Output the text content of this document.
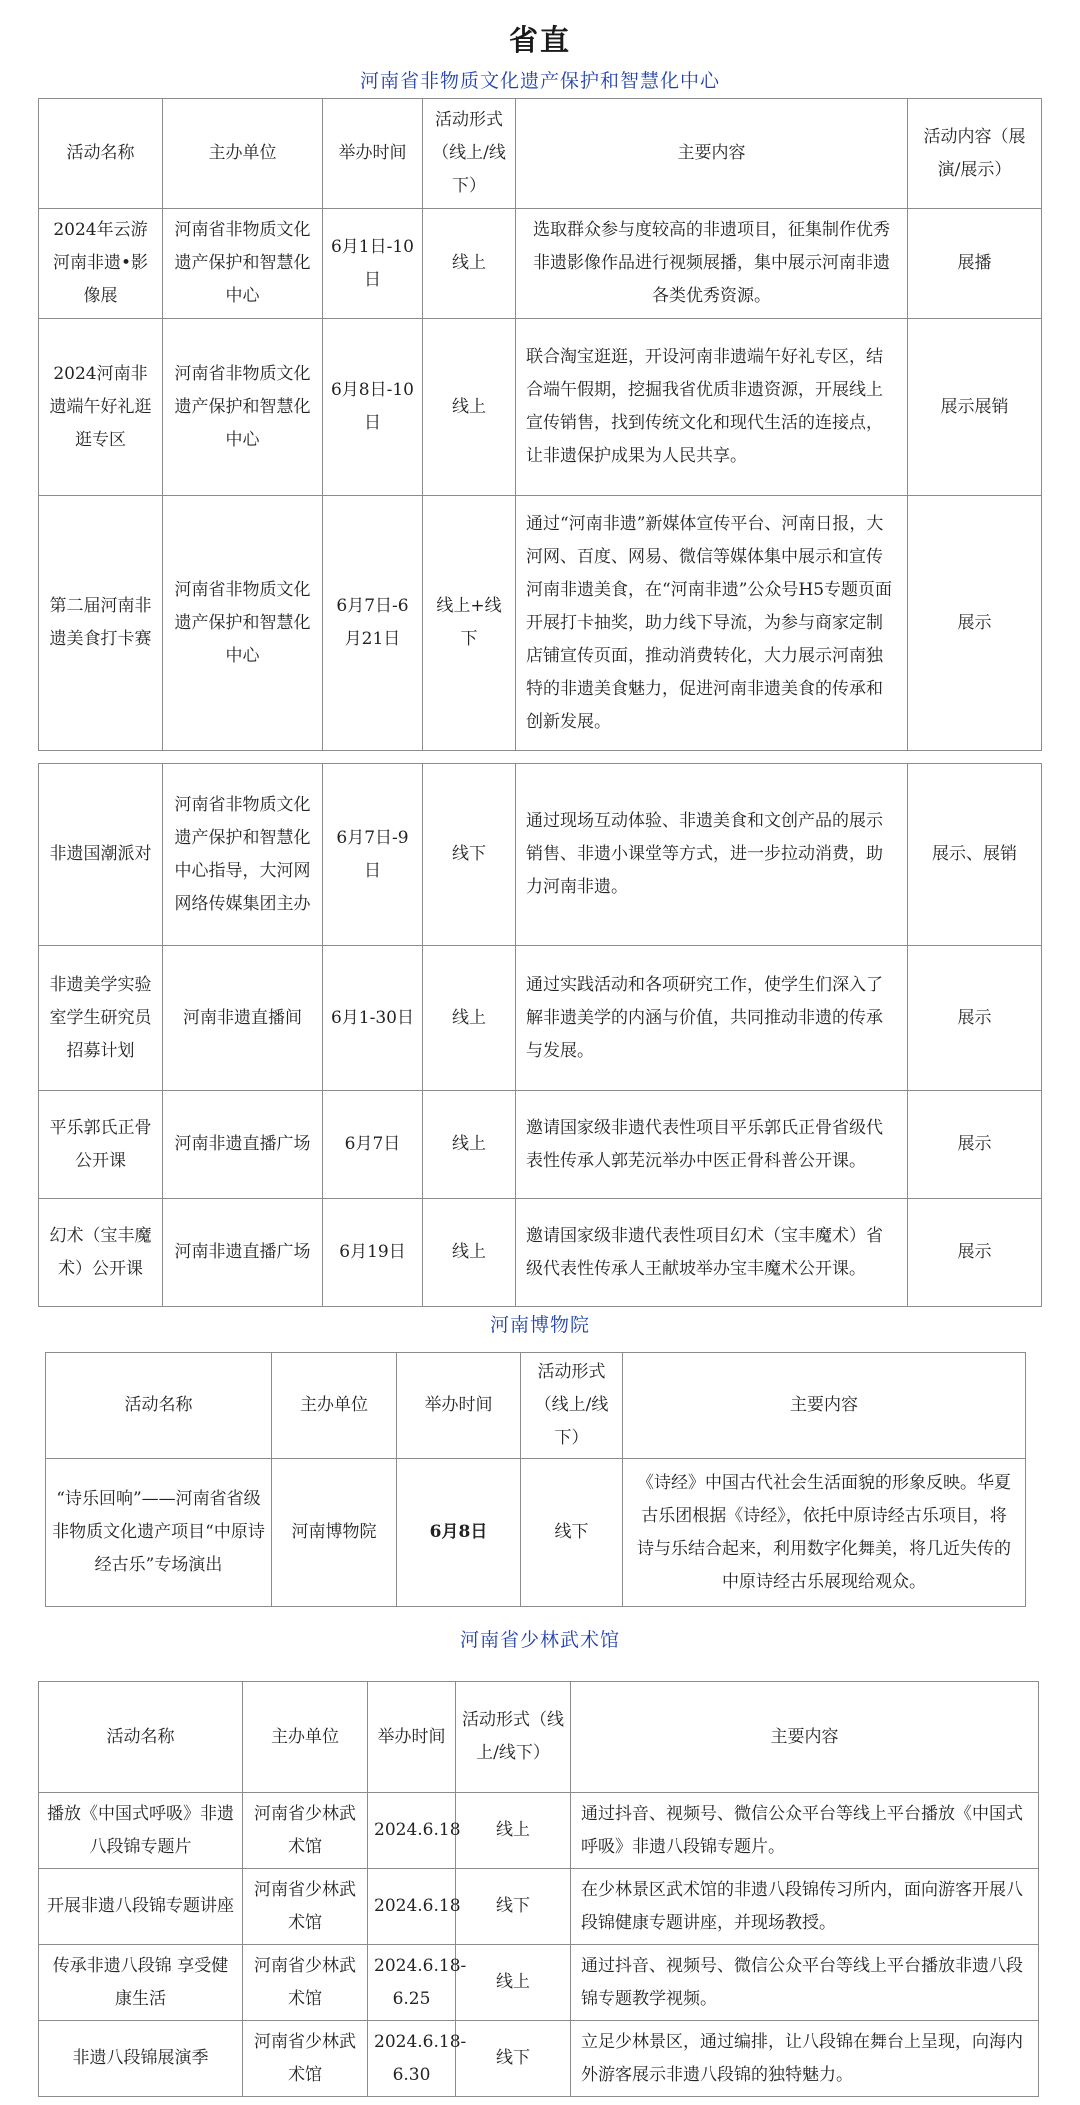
省直
河南省非物质文化遗产保护和智慧化中心
活动名称	主办单位	举办时间	活动形式（线上/线下）	主要内容	活动内容（展演/展示）
2024年云游河南非遗•影像展	河南省非物质文化遗产保护和智慧化中心	6月1日-10日	线上	选取群众参与度较高的非遗项目，征集制作优秀非遗影像作品进行视频展播，集中展示河南非遗各类优秀资源。	展播
2024河南非遗端午好礼逛逛专区	河南省非物质文化遗产保护和智慧化中心	6月8日-10日	线上	联合淘宝逛逛，开设河南非遗端午好礼专区，结合端午假期，挖掘我省优质非遗资源，开展线上宣传销售，找到传统文化和现代生活的连接点，让非遗保护成果为人民共享。	展示展销
第二届河南非遗美食打卡赛	河南省非物质文化遗产保护和智慧化中心	6月7日-6月21日	线上+线下	通过“河南非遗”新媒体宣传平台、河南日报，大河网、百度、网易、微信等媒体集中展示和宣传河南非遗美食，在“河南非遗”公众号H5专题页面开展打卡抽奖，助力线下导流，为参与商家定制店铺宣传页面，推动消费转化，大力展示河南独特的非遗美食魅力，促进河南非遗美食的传承和创新发展。	展示

非遗国潮派对	河南省非物质文化遗产保护和智慧化中心指导，大河网网络传媒集团主办	6月7日-9日	线下	通过现场互动体验、非遗美食和文创产品的展示销售、非遗小课堂等方式，进一步拉动消费，助力河南非遗。	展示、展销
非遗美学实验室学生研究员招募计划	河南非遗直播间	6月1-30日	线上	通过实践活动和各项研究工作，使学生们深入了解非遗美学的内涵与价值，共同推动非遗的传承与发展。	展示
平乐郭氏正骨公开课	河南非遗直播广场	6月7日	线上	邀请国家级非遗代表性项目平乐郭氏正骨省级代表性传承人郭芜沅举办中医正骨科普公开课。	展示
幻术（宝丰魔术）公开课	河南非遗直播广场	6月19日	线上	邀请国家级非遗代表性项目幻术（宝丰魔术）省级代表性传承人王献坡举办宝丰魔术公开课。	展示
河南博物院
活动名称	主办单位	举办时间	活动形式（线上/线下）	主要内容
“诗乐回响”——河南省省级非物质文化遗产项目“中原诗经古乐”专场演出	河南博物院	6月8日	线下	《诗经》中国古代社会生活面貌的形象反映。华夏古乐团根据《诗经》，依托中原诗经古乐项目，将诗与乐结合起来，利用数字化舞美，将几近失传的中原诗经古乐展现给观众。
河南省少林武术馆
活动名称	主办单位	举办时间	活动形式（线上/线下）	主要内容
播放《中国式呼吸》非遗八段锦专题片	河南省少林武术馆	2024.6.18	线上	通过抖音、视频号、微信公众平台等线上平台播放《中国式呼吸》非遗八段锦专题片。
开展非遗八段锦专题讲座	河南省少林武术馆	2024.6.18	线下	在少林景区武术馆的非遗八段锦传习所内，面向游客开展八段锦健康专题讲座，并现场教授。
传承非遗八段锦 享受健康生活	河南省少林武术馆	2024.6.18-6.25	线上	通过抖音、视频号、微信公众平台等线上平台播放非遗八段锦专题教学视频。
非遗八段锦展演季	河南省少林武术馆	2024.6.18-6.30	线下	立足少林景区，通过编排，让八段锦在舞台上呈现，向海内外游客展示非遗八段锦的独特魅力。
